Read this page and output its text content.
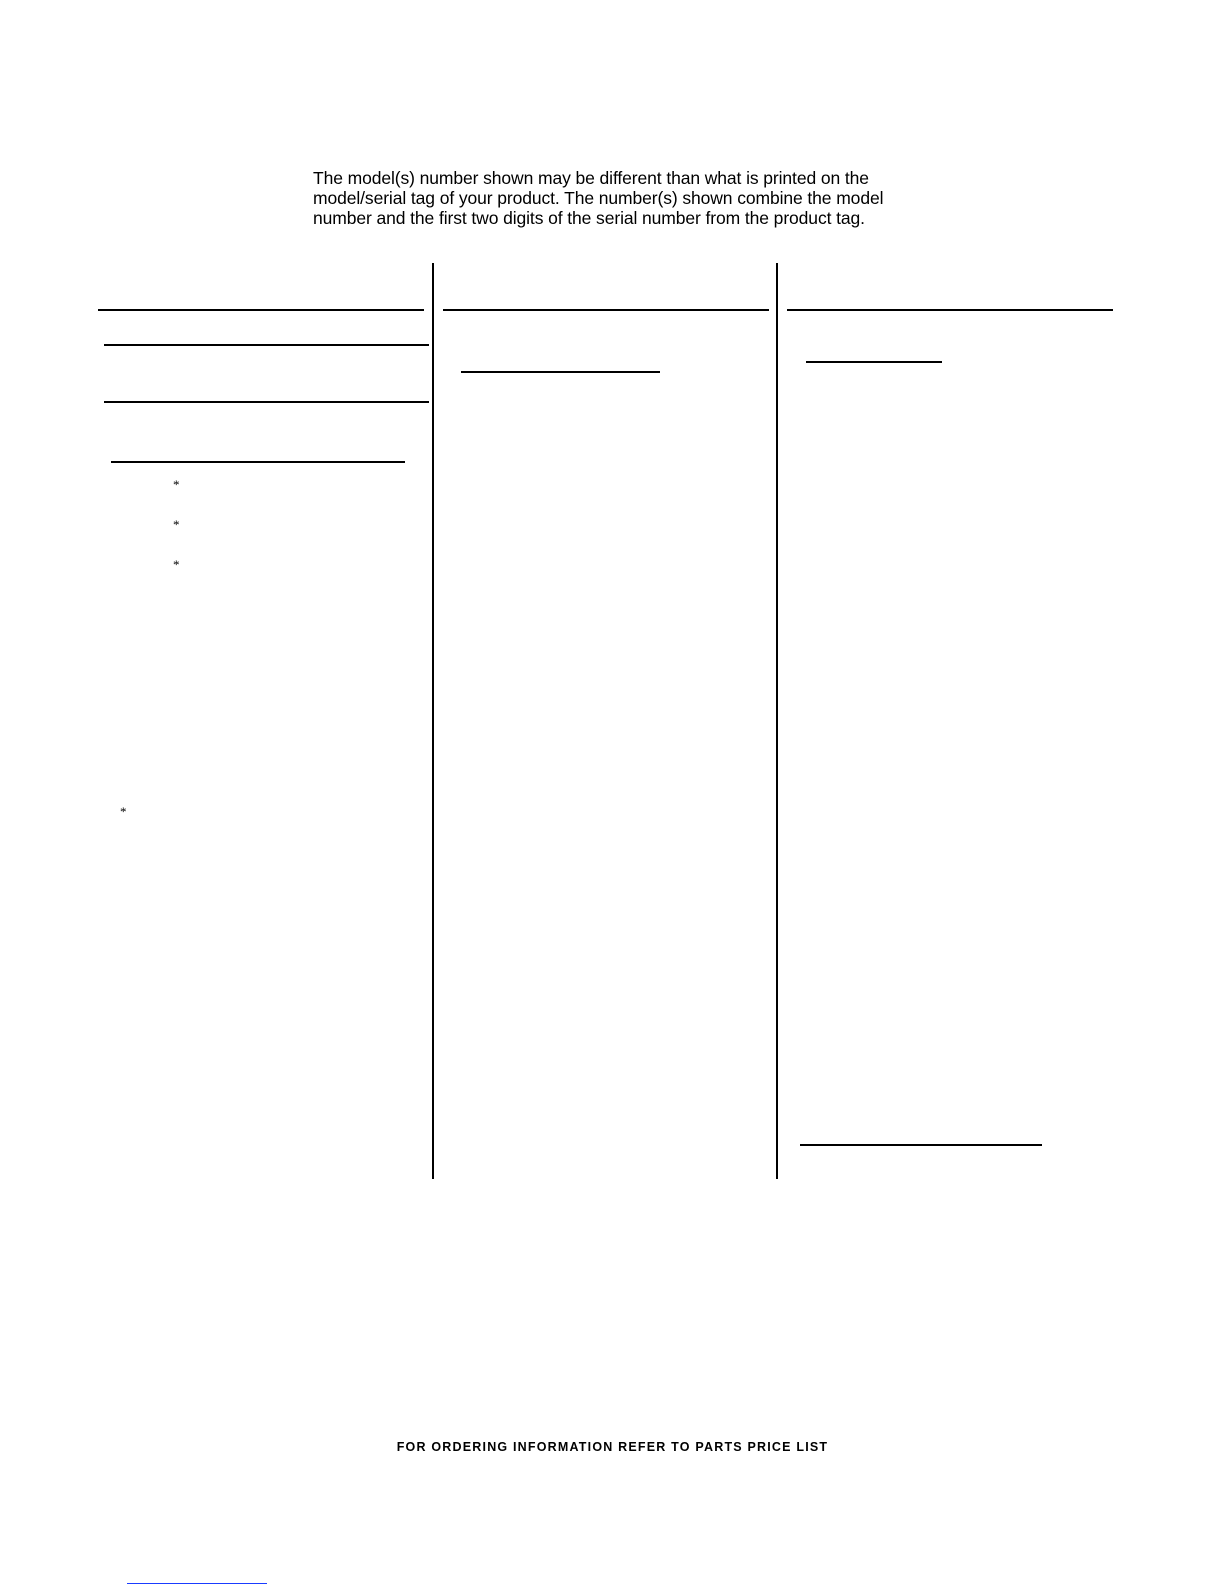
The model(s) number shown may be different than what is printed on the
model/serial tag of your product. The number(s) shown combine the model
number and the first two digits of the serial number from the product tag.
*
*
*
*
FOR ORDERING INFORMATION REFER TO PARTS PRICE LIST
